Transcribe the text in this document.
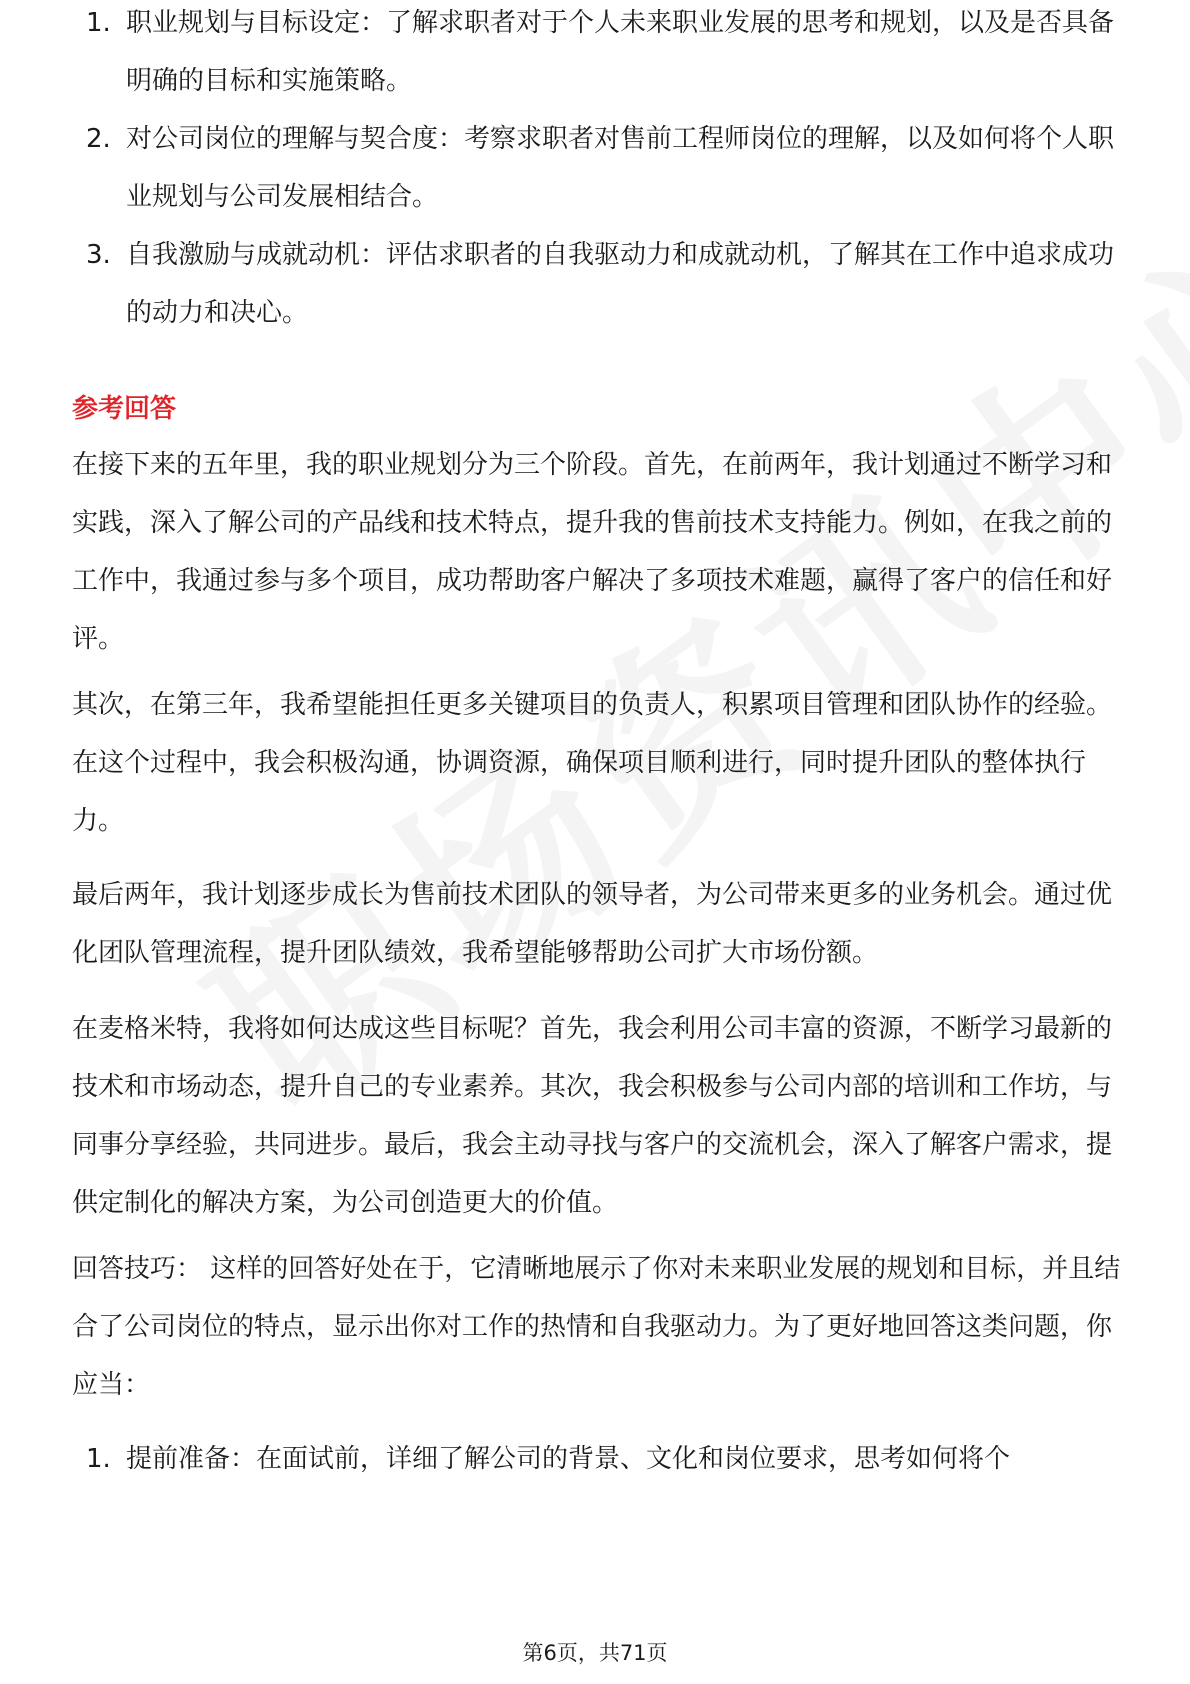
1. 职业规划与目标设定：了解求职者对于个人未来职业发展的思考和规划，以及是否具备明确的目标和实施策略。
2. 对公司岗位的理解与契合度：考察求职者对售前工程师岗位的理解，以及如何将个人职业规划与公司发展相结合。
3. 自我激励与成就动机：评估求职者的自我驱动力和成就动机，了解其在工作中追求成功的动力和决心。
参考回答

在接下来的五年里，我的职业规划分为三个阶段。首先，在前两年，我计划通过不断学习和实践，深入了解公司的产品线和技术特点，提升我的售前技术支持能力。例如，在我之前的工作中，我通过参与多个项目，成功帮助客户解决了多项技术难题，赢得了客户的信任和好评。

其次，在第三年，我希望能担任更多关键项目的负责人，积累项目管理和团队协作的经验。在这个过程中，我会积极沟通，协调资源，确保项目顺利进行，同时提升团队的整体执行力。

最后两年，我计划逐步成长为售前技术团队的领导者，为公司带来更多的业务机会。通过优化团队管理流程，提升团队绩效，我希望能够帮助公司扩大市场份额。

在麦格米特，我将如何达成这些目标呢？首先，我会利用公司丰富的资源，不断学习最新的技术和市场动态，提升自己的专业素养。其次，我会积极参与公司内部的培训和工作坊，与同事分享经验，共同进步。最后，我会主动寻找与客户的交流机会，深入了解客户需求，提供定制化的解决方案，为公司创造更大的价值。

回答技巧： 这样的回答好处在于，它清晰地展示了你对未来职业发展的规划和目标，并且结合了公司岗位的特点，显示出你对工作的热情和自我驱动力。为了更好地回答这类问题，你应当：

1. 提前准备：在面试前，详细了解公司的背景、文化和岗位要求，思考如何将个
第6页，共71页
